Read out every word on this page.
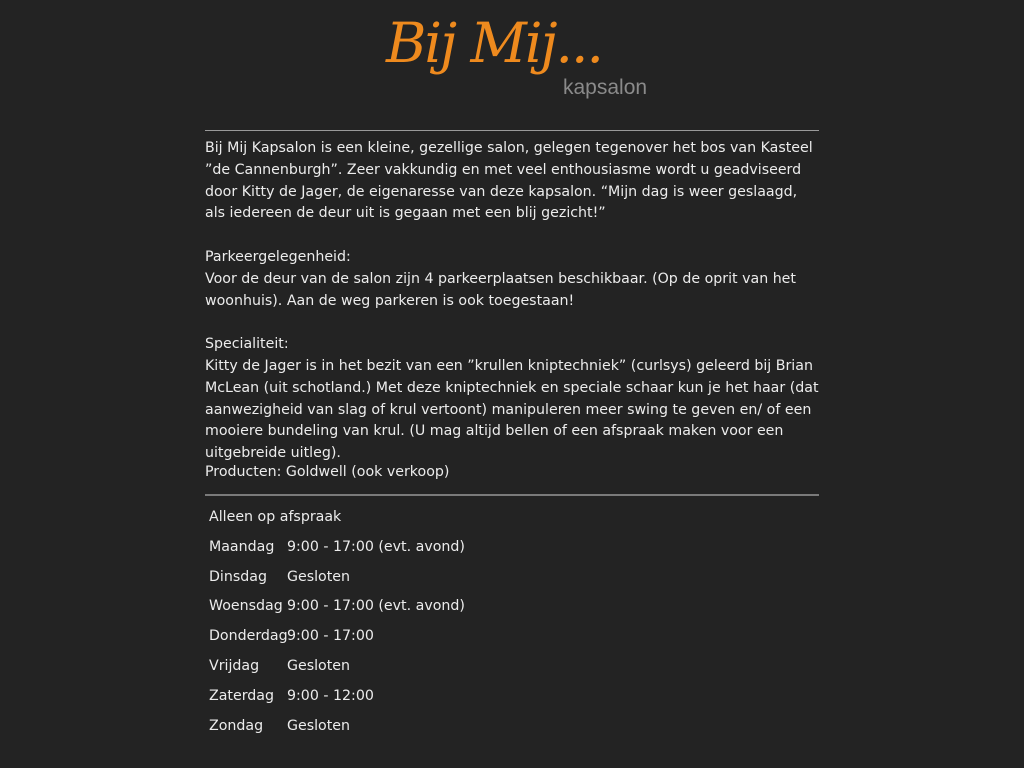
Bij Mij...
kapsalon

Bij Mij Kapsalon is een kleine, gezellige salon, gelegen tegenover het bos van Kasteel ”de Cannenburgh”. Zeer vakkundig en met veel enthousiasme wordt u geadviseerd door Kitty de Jager, de eigenaresse van deze kapsalon. “Mijn dag is weer geslaagd, als iedereen de deur uit is gegaan met een blij gezicht!”

Parkeergelegenheid:

Voor de deur van de salon zijn 4 parkeerplaatsen beschikbaar. (Op de oprit van het woonhuis). Aan de weg parkeren is ook toegestaan!

Specialiteit:

Kitty de Jager is in het bezit van een ”krullen kniptechniek” (curlsys) geleerd bij Brian McLean (uit schotland.) Met deze kniptechniek en speciale schaar kun je het haar (dat aanwezigheid van slag of krul vertoont) manipuleren meer swing te geven en/ of een mooiere bundeling van krul. (U mag altijd bellen of een afspraak maken voor een uitgebreide uitleg).

Producten: Goldwell (ook verkoop)
Alleen op afspraak
Maandag 9:00 - 17:00 (evt. avond)
Dinsdag	Gesloten
Woensdag 9:00 - 17:00 (evt. avond)
Donderdag 9:00 - 17:00
Vrijdag	Gesloten
Zaterdag 9:00 - 12:00
Zondag	Gesloten
